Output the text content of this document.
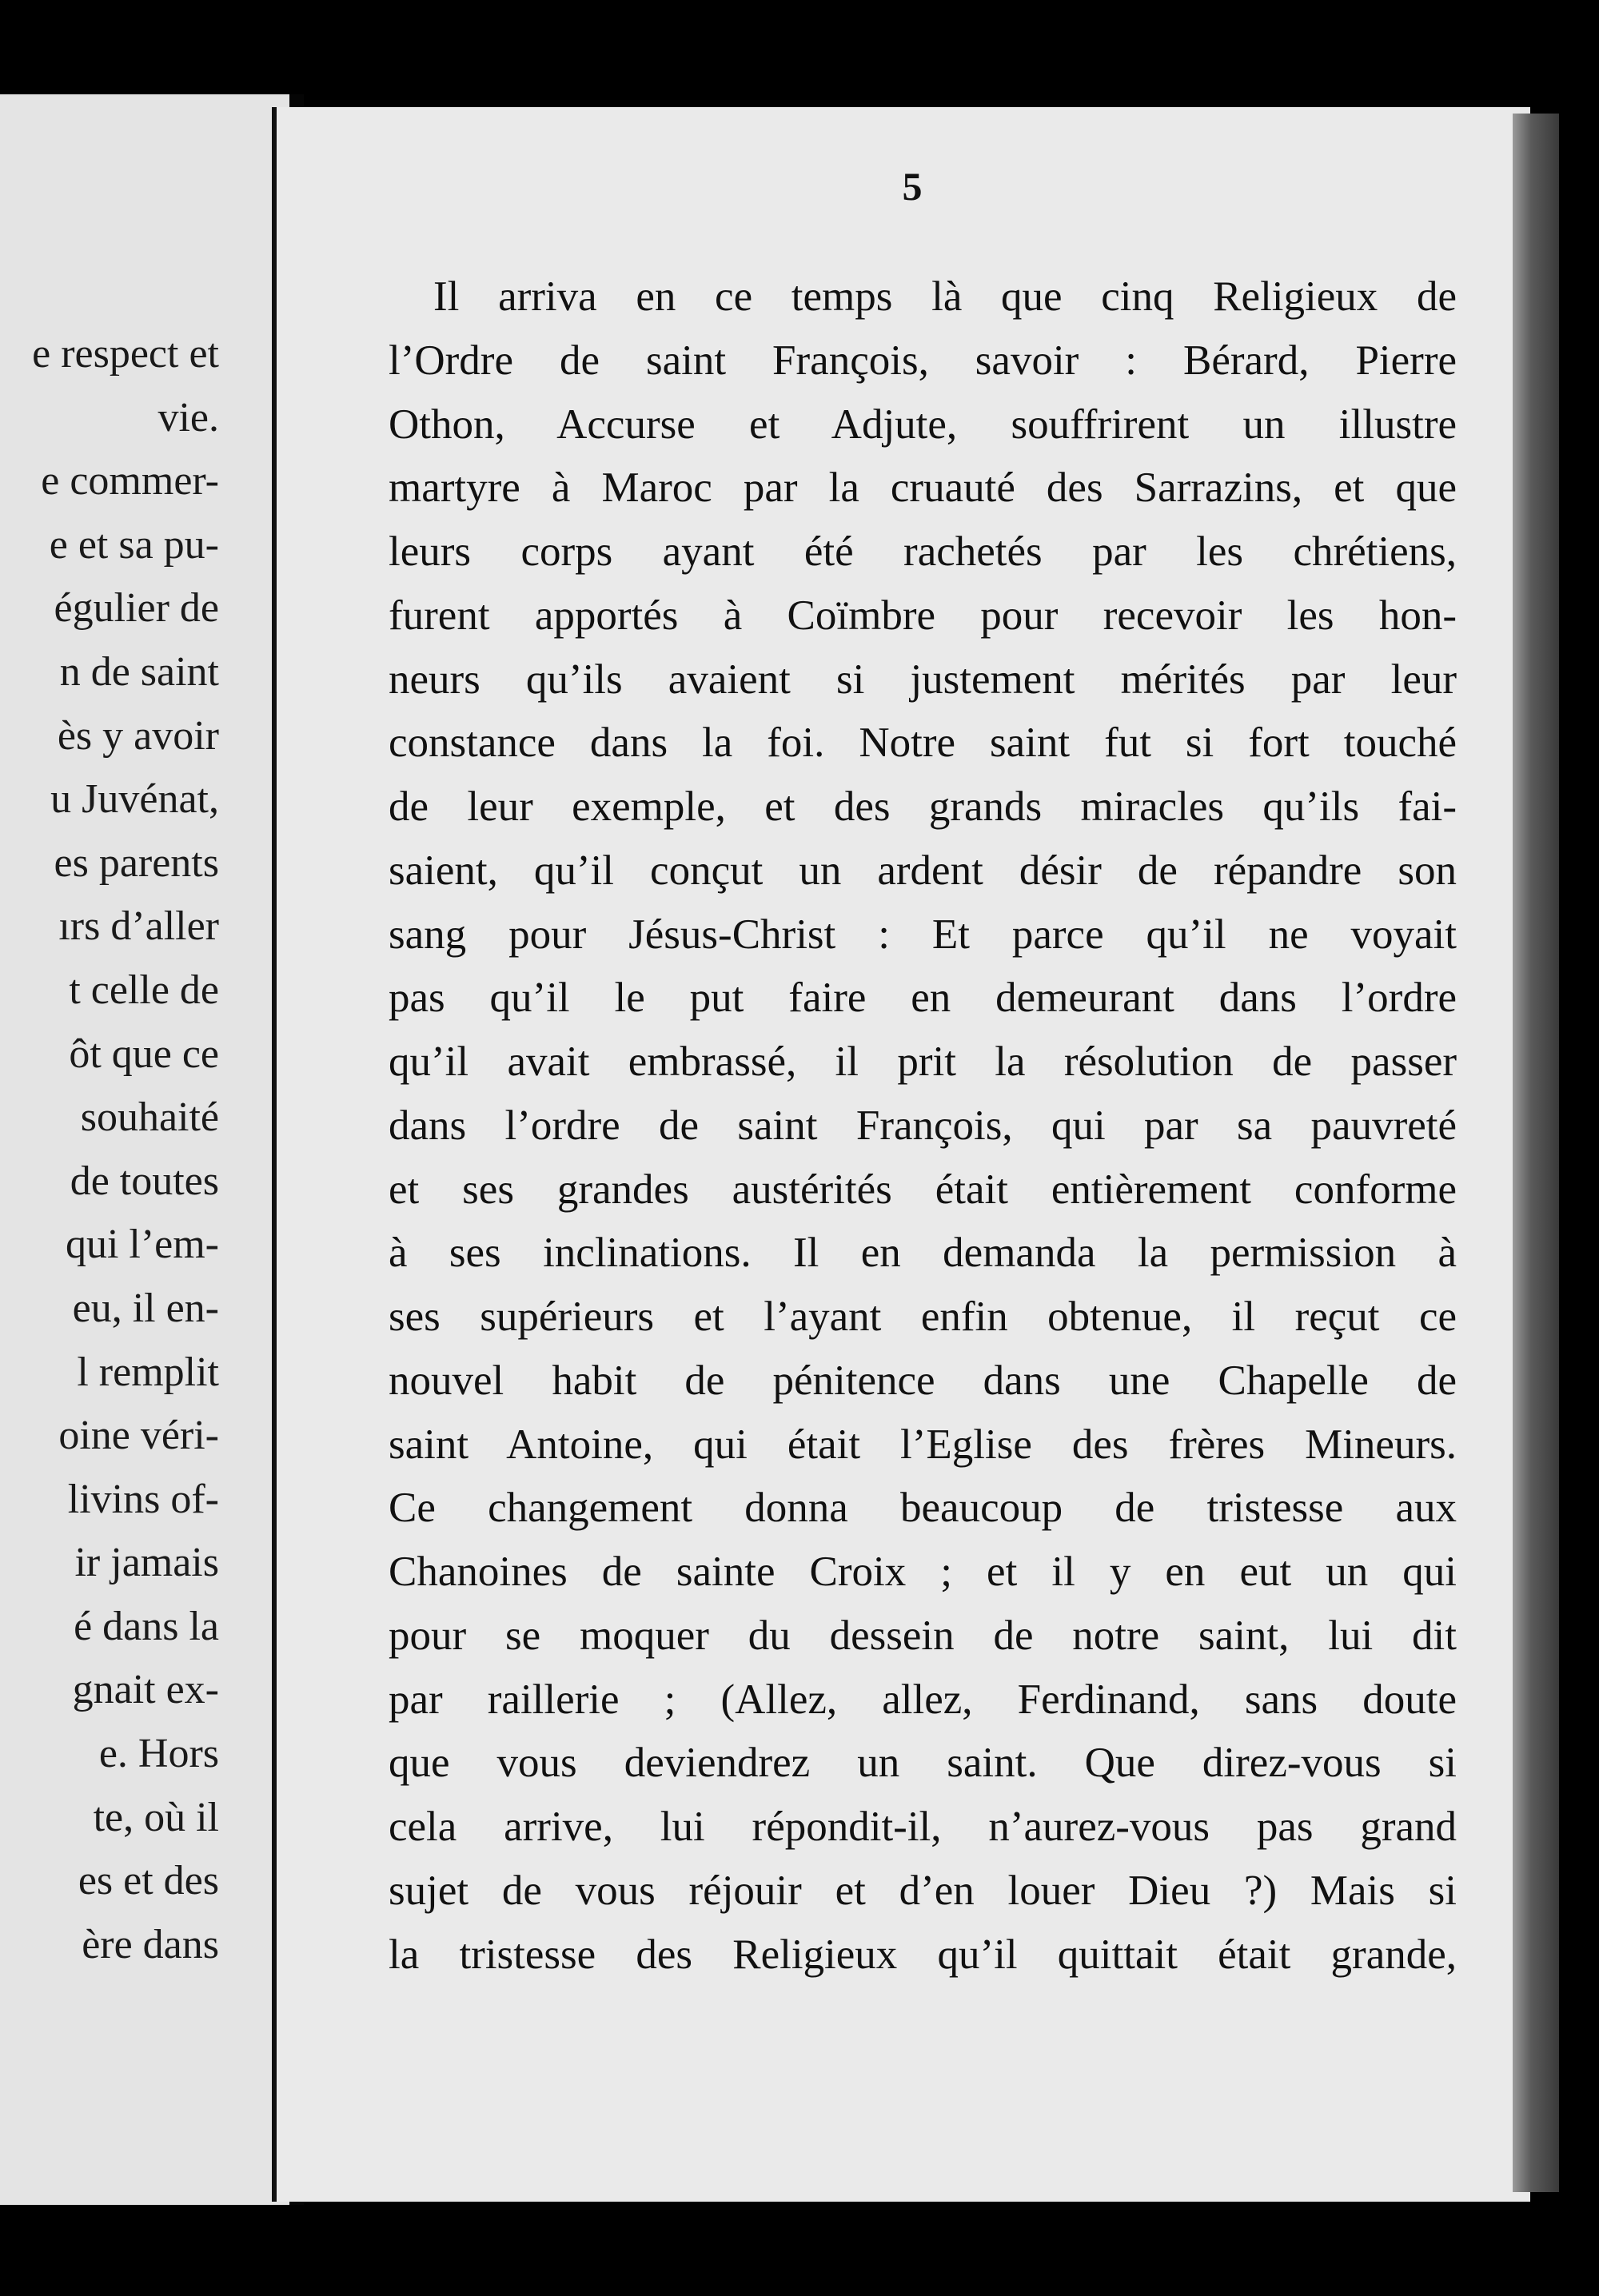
e respect et
vie.
e commer-
e et sa pu-
égulier de
n de saint
ès y avoir
u Juvénat,
es parents
ırs d’aller
t celle de
ôt que ce
souhaité
de toutes
qui l’em-
eu, il en-
l remplit
oine véri-
livins of-
ir jamais
é dans la
gnait ex-
e. Hors
te, où il
es et des
ère dans
5
Il arriva en ce temps là que cinq Religieux de
l’Ordre de saint François, savoir : Bérard, Pierre
Othon, Accurse et Adjute, souffrirent un illustre
martyre à Maroc par la cruauté des Sarrazins, et que
leurs corps ayant été rachetés par les chrétiens,
furent apportés à Coïmbre pour recevoir les hon-
neurs qu’ils avaient si justement mérités par leur
constance dans la foi. Notre saint fut si fort touché
de leur exemple, et des grands miracles qu’ils fai-
saient, qu’il conçut un ardent désir de répandre son
sang pour Jésus-Christ : Et parce qu’il ne voyait
pas qu’il le put faire en demeurant dans l’ordre
qu’il avait embrassé, il prit la résolution de passer
dans l’ordre de saint François, qui par sa pauvreté
et ses grandes austérités était entièrement conforme
à ses inclinations. Il en demanda la permission à
ses supérieurs et l’ayant enfin obtenue, il reçut ce
nouvel habit de pénitence dans une Chapelle de
saint Antoine, qui était l’Eglise des frères Mineurs.
Ce changement donna beaucoup de tristesse aux
Chanoines de sainte Croix ; et il y en eut un qui
pour se moquer du dessein de notre saint, lui dit
par raillerie ; (Allez, allez, Ferdinand, sans doute
que vous deviendrez un saint. Que direz-vous si
cela arrive, lui répondit-il, n’aurez-vous pas grand
sujet de vous réjouir et d’en louer Dieu ?) Mais si
la tristesse des Religieux qu’il quittait était grande,
